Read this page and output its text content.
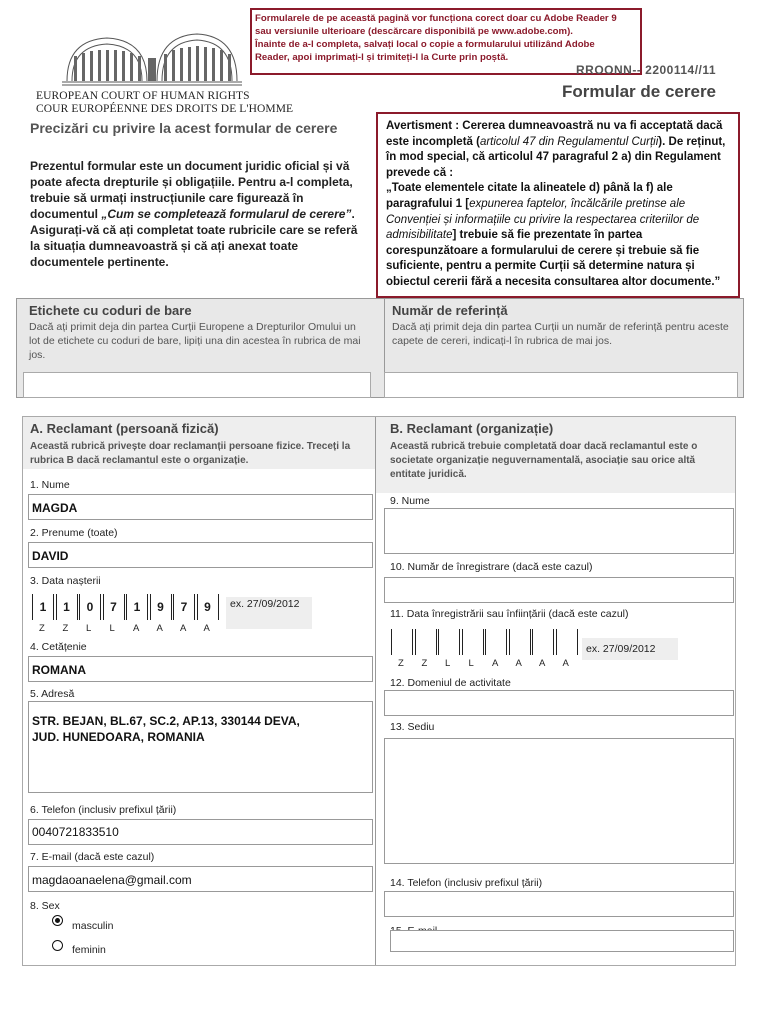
Formularele de pe această pagină vor funcționa corect doar cu Adobe Reader 9
sau versiunile ulterioare (descărcare disponibilă pe www.adobe.com).
Înainte de a-l completa, salvați local o copie a formularului utilizând Adobe
Reader, apoi imprimați-l și trimiteți-l la Curte prin poștă.
EUROPEAN COURT OF HUMAN RIGHTS
COUR EUROPÉENNE DES DROITS DE L'HOMME
RROONN-- 2200114//11
Formular de cerere
Precizări cu privire la acest formular de cerere
Prezentul formular este un document juridic oficial și vă poate afecta drepturile și obligațiile. Pentru a-l completa, trebuie să urmați instrucțiunile care figurează în documentul „Cum se completează formularul de cerere”. Asigurați-vă că ați completat toate rubricile care se referă la situația dumneavoastră și că ați anexat toate documentele pertinente.
Avertisment : Cererea dumneavoastră nu va fi acceptată dacă este incompletă (articolul 47 din Regulamentul Curții). De reținut, în mod special, că articolul 47 paragraful 2 a) din Regulament prevede că :
„Toate elementele citate la alineatele d) până la f) ale paragrafului 1 [expunerea faptelor, încălcările pretinse ale Convenției și informațiile cu privire la respectarea criteriilor de admisibilitate] trebuie să fie prezentate în partea corespunzătoare a formularului de cerere și trebuie să fie suficiente, pentru a permite Curții să determine natura și obiectul cererii fără a necesita consultarea altor documente.”
Etichete cu coduri de bare
Dacă ați primit deja din partea Curții Europene a Drepturilor Omului un lot de etichete cu coduri de bare, lipiți una din acestea în rubrica de mai jos.
Număr de referință
Dacă ați primit deja din partea Curții un număr de referință pentru aceste capete de cereri, indicați-l în rubrica de mai jos.
A. Reclamant (persoană fizică)
Această rubrică privește doar reclamanții persoane fizice. Treceți la rubrica B dacă reclamantul este o organizație.
1. Nume
MAGDA
2. Prenume (toate)
DAVID
3. Data nașterii
1	1	0	7	1	9	7	9
Z Z L L A A A A
ex. 27/09/2012
4. Cetățenie
ROMANA
5. Adresă
STR. BEJAN, BL.67, SC.2, AP.13, 330144 DEVA,
JUD. HUNEDOARA, ROMANIA
6. Telefon (inclusiv prefixul țării)
0040721833510
7. E-mail (dacă este cazul)
magdaoanaelena@gmail.com
8. Sex
masculin
feminin
B. Reclamant (organizație)
Această rubrică trebuie completată doar dacă reclamantul este o societate organizație neguvernamentală, asociație sau orice altă entitate juridică.
9. Nume
10. Număr de înregistrare (dacă este cazul)
11. Data înregistrării sau înființării (dacă este cazul)
Z Z L L A A A A
ex. 27/09/2012
12. Domeniul de activitate
13. Sediu
14. Telefon (inclusiv prefixul țării)
